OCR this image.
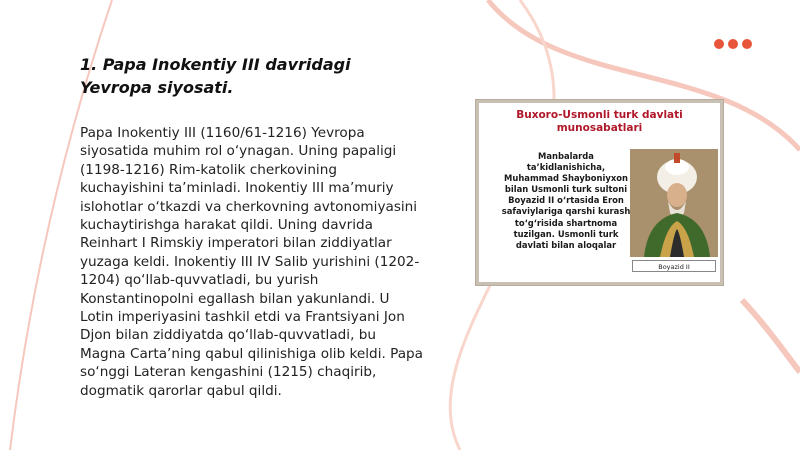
1. Papa Inokentiy III davridagi
Yevropa siyosati.

Papa Inokentiy III (1160/61-1216) Yevropa siyosatida muhim rol o‘ynagan. Uning papaligi (1198-1216) Rim-katolik cherkovining kuchayishini ta’minladi. Inokentiy III ma’muriy islohotlar o‘tkazdi va cherkovning avtonomiyasini kuchaytirishga harakat qildi. Uning davrida Reinhart I Rimskiy imperatori bilan ziddiyatlar yuzaga keldi. Inokentiy III IV Salib yurishini (1202-1204) qo‘llab-quvvatladi, bu yurish Konstantinopolni egallash bilan yakunlandi. U Lotin imperiyasini tashkil etdi va Frantsiyani Jon Djon bilan ziddiyatda qo‘llab-quvvatladi, bu Magna Carta’ning qabul qilinishiga olib keldi. Papa so‘nggi Lateran kengashini (1215) chaqirib, dogmatik qarorlar qabul qildi.

Buxoro-Usmonli turk davlati
munosabatlari
Manbalarda ta’kidlanishicha, Muhammad Shayboniyxon bilan Usmonli turk sultoni Boyazid II o‘rtasida Eron safaviylariga qarshi kurash to‘g‘risida shartnoma tuzilgan. Usmonli turk davlati bilan aloqalar
Boyazid II
